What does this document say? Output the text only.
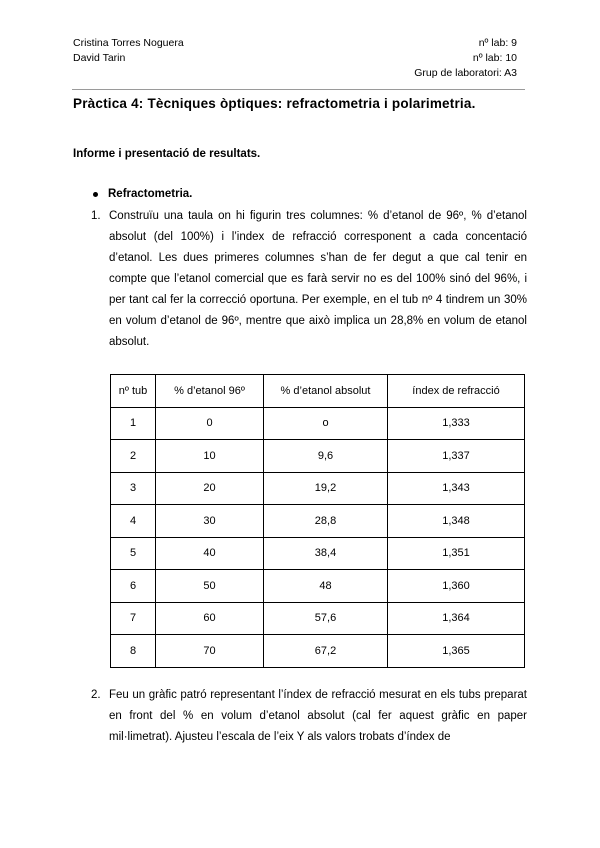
Cristina Torres Noguera
David Tarin
nº lab: 9
nº lab: 10
Grup de laboratori: A3
Pràctica 4: Tècniques òptiques: refractometria i polarimetria.
Informe i presentació de resultats.
Refractometria.
1. Construïu una taula on hi figurin tres columnes: % d’etanol de 96º, % d’etanol absolut (del 100%) i l’index de refracció corresponent a cada concentació d’etanol. Les dues primeres columnes s’han de fer degut a que cal tenir en compte que l’etanol comercial que es farà servir no es del 100% sinó del 96%, i per tant cal fer la correcció oportuna. Per exemple, en el tub nº 4 tindrem un 30% en volum d’etanol de 96º, mentre que això implica un 28,8% en volum de etanol absolut.
nº tub	% d’etanol 96º	% d’etanol absolut	índex de refracció
1	0	o	1,333
2	10	9,6	1,337
3	20	19,2	1,343
4	30	28,8	1,348
5	40	38,4	1,351
6	50	48	1,360
7	60	57,6	1,364
8	70	67,2	1,365
2. Feu un gràfic patró representant l’índex de refracció mesurat en els tubs preparat en front del % en volum d’etanol absolut (cal fer aquest gràfic en paper mil·limetrat). Ajusteu l’escala de l’eix Y als valors trobats d’índex de
